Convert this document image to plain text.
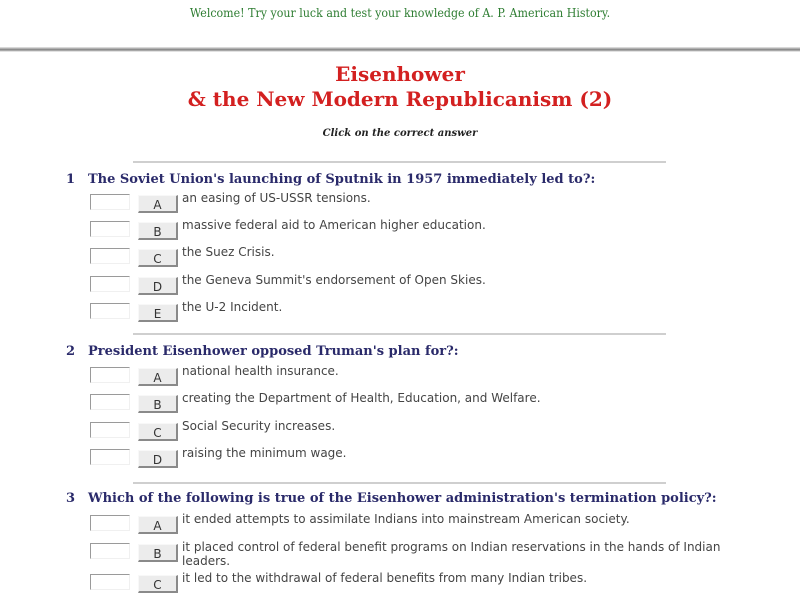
Welcome! Try your luck and test your knowledge of A. P. American History.
Eisenhower
& the New Modern Republicanism (2)
Click on the correct answer
1 The Soviet Union's launching of Sputnik in 1957 immediately led to?:
A	an easing of US-USSR tensions.
B	massive federal aid to American higher education.
C	the Suez Crisis.
D	the Geneva Summit's endorsement of Open Skies.
E	the U-2 Incident.
2 President Eisenhower opposed Truman's plan for?:
A	national health insurance.
B	creating the Department of Health, Education, and Welfare.
C	Social Security increases.
D	raising the minimum wage.
3 Which of the following is true of the Eisenhower administration's termination policy?:
A	it ended attempts to assimilate Indians into mainstream American society.
B	it placed control of federal benefit programs on Indian reservations in the hands of Indian leaders.
C	it led to the withdrawal of federal benefits from many Indian tribes.
